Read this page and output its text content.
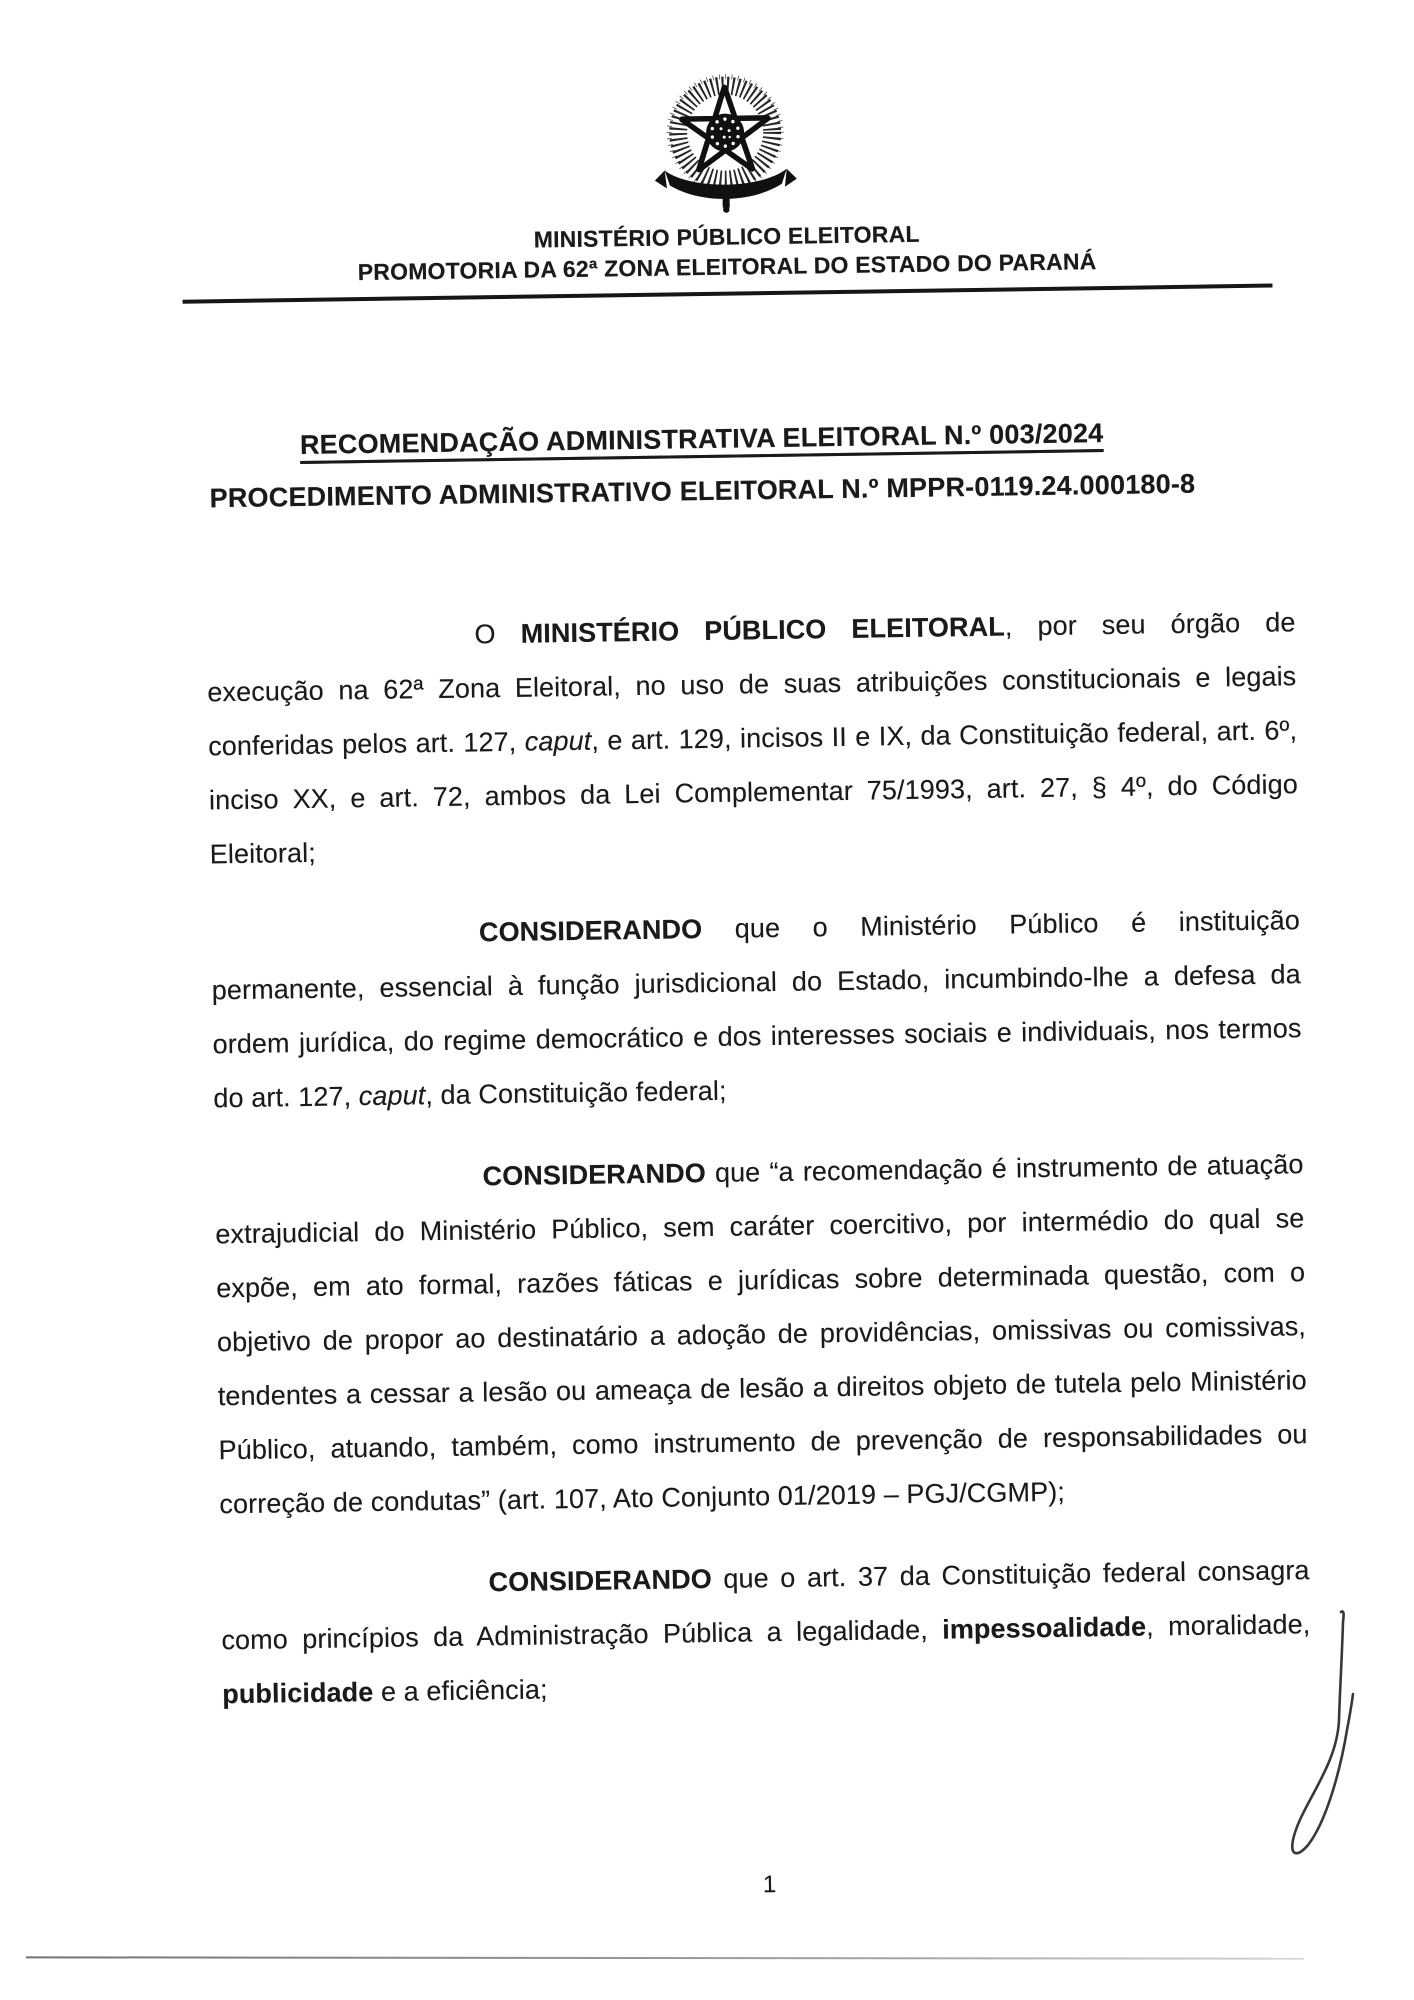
MINISTÉRIO PÚBLICO ELEITORAL
PROMOTORIA DA 62ª ZONA ELEITORAL DO ESTADO DO PARANÁ
RECOMENDAÇÃO ADMINISTRATIVA ELEITORAL N.º 003/2024
PROCEDIMENTO ADMINISTRATIVO ELEITORAL N.º MPPR-0119.24.000180-8

O MINISTÉRIO PÚBLICO ELEITORAL, por seu órgão de execução na 62ª Zona Eleitoral, no uso de suas atribuições constitucionais e legais conferidas pelos art. 127, caput, e art. 129, incisos II e IX, da Constituição federal, art. 6º, inciso XX, e art. 72, ambos da Lei Complementar 75/1993, art. 27, § 4º, do Código Eleitoral;

CONSIDERANDO que o Ministério Público é instituição permanente, essencial à função jurisdicional do Estado, incumbindo-lhe a defesa da ordem jurídica, do regime democrático e dos interesses sociais e individuais, nos termos do art. 127, caput, da Constituição federal;

CONSIDERANDO que “a recomendação é instrumento de atuação extrajudicial do Ministério Público, sem caráter coercitivo, por intermédio do qual se expõe, em ato formal, razões fáticas e jurídicas sobre determinada questão, com o objetivo de propor ao destinatário a adoção de providências, omissivas ou comissivas, tendentes a cessar a lesão ou ameaça de lesão a direitos objeto de tutela pelo Ministério Público, atuando, também, como instrumento de prevenção de responsabilidades ou correção de condutas” (art. 107, Ato Conjunto 01/2019 – PGJ/CGMP);

CONSIDERANDO que o art. 37 da Constituição federal consagra como princípios da Administração Pública a legalidade, impessoalidade, moralidade, publicidade e a eficiência;

1
